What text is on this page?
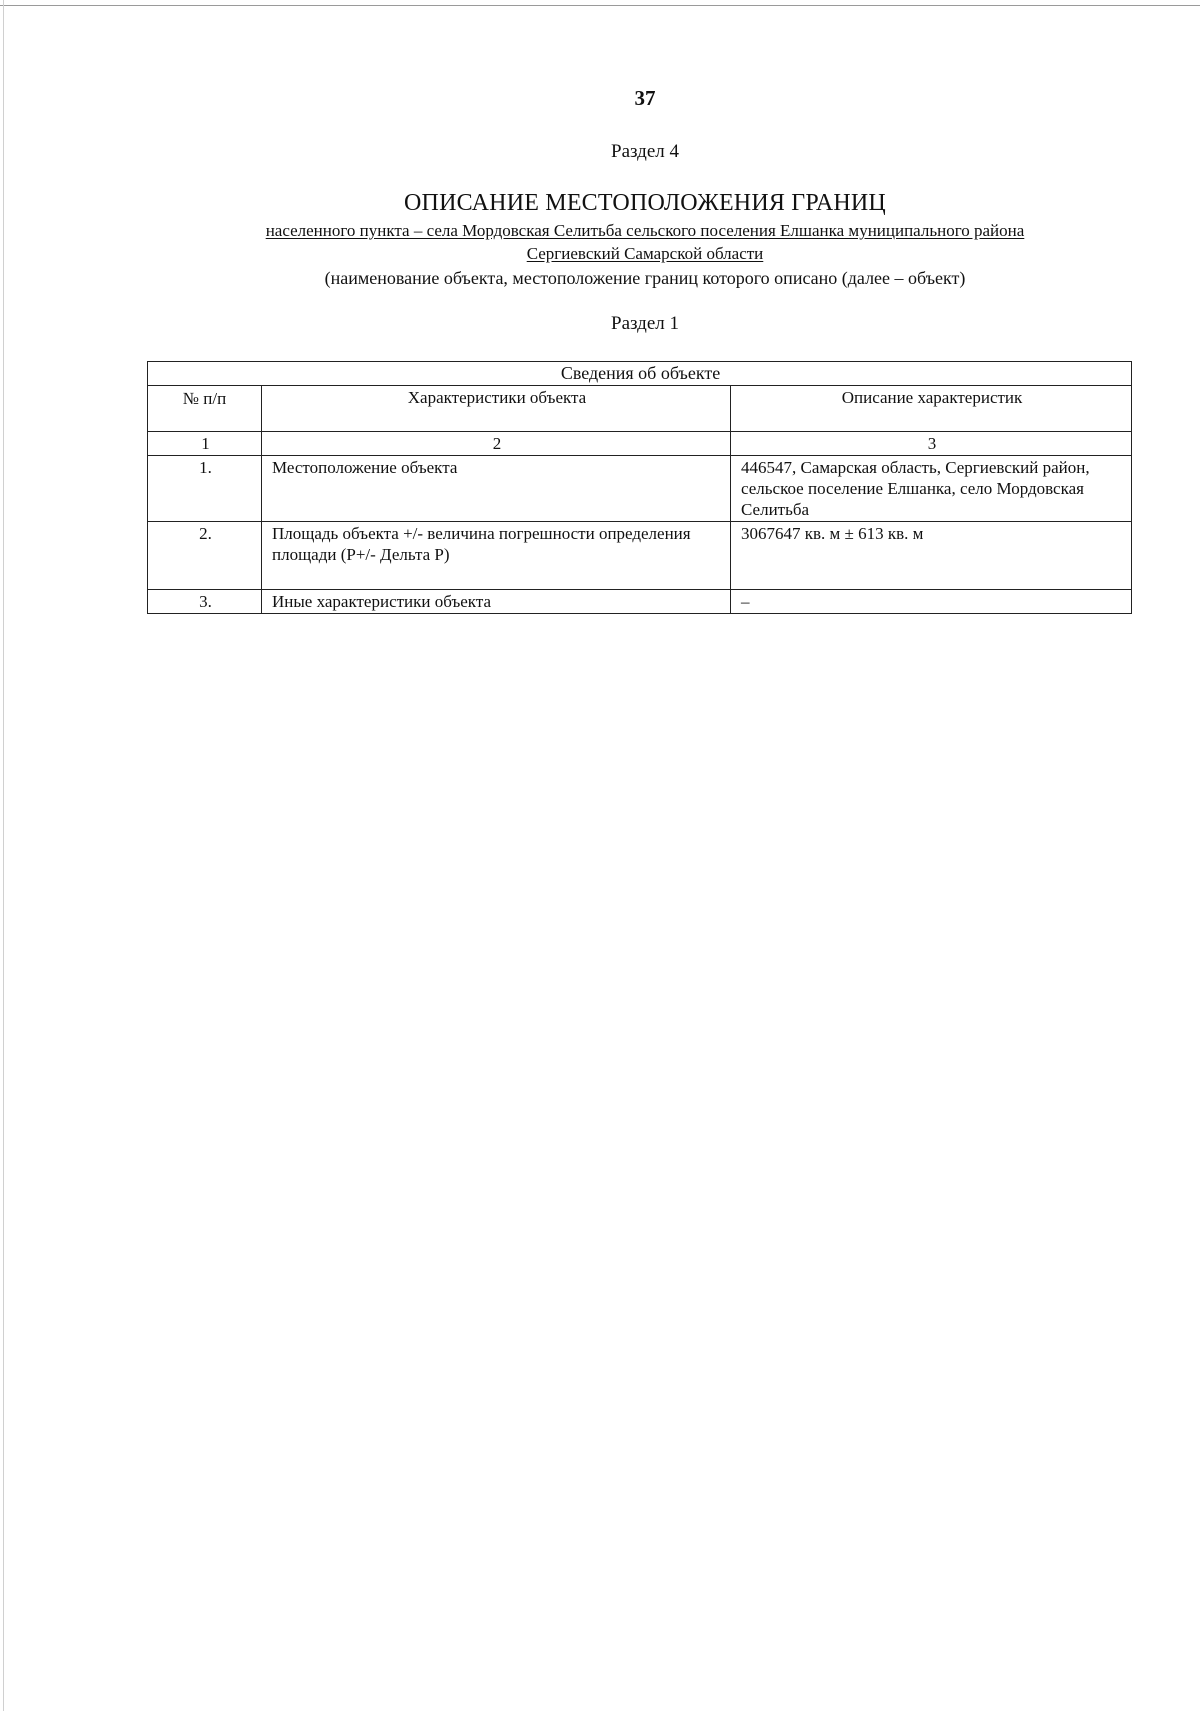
37
Раздел 4
ОПИСАНИЕ МЕСТОПОЛОЖЕНИЯ ГРАНИЦ
населенного пункта – села Мордовская Селитьба сельского поселения Елшанка муниципального района
Сергиевский Самарской области
(наименование объекта, местоположение границ которого описано (далее – объект)
Раздел 1
Сведения об объекте		
№ п/п	Характеристики объекта	Описание характеристик
1	2	3
1.	Местоположение объекта	446547, Самарская область, Сергиевский район, сельское поселение Елшанка, село Мордовская Селитьба
2.	Площадь объекта +/- величина погрешности определения площади (P+/- Дельта P)	3067647 кв. м ± 613 кв. м
3.	Иные характеристики объекта	–
